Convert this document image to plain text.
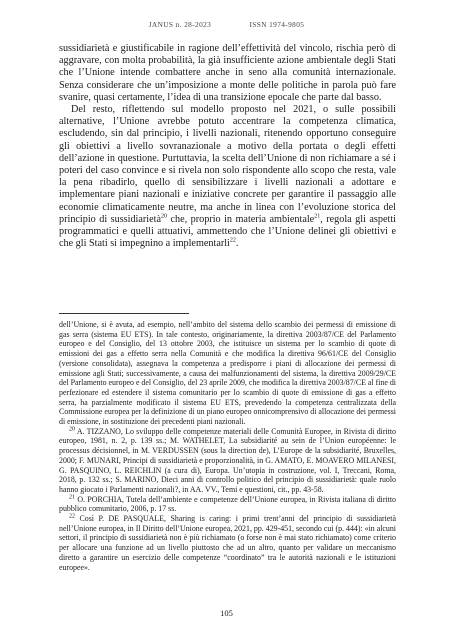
JANUS n. 28-2023	ISSN 1974-9805

sussidiarietà e giustificabile in ragione dell’effettività del vincolo, rischia però di aggravare, con molta probabilità, la già insufficiente azione ambientale degli Stati che l’Unione intende combattere anche in seno alla comunità internazionale. Senza considerare che un’imposizione a monte delle politiche in parola può fare svanire, quasi certamente, l’idea di una transizione epocale che parte dal basso.

Del resto, riflettendo sul modello proposto nel 2021, o sulle possibili alternative, l’Unione avrebbe potuto accentrare la competenza climatica, escludendo, sin dal principio, i livelli nazionali, ritenendo opportuno conseguire gli obiettivi a livello sovranazionale a motivo della portata o degli effetti dell’azione in questione. Purtuttavia, la scelta dell’Unione di non richiamare a sé i poteri del caso convince e si rivela non solo rispondente allo scopo che resta, vale la pena ribadirlo, quello di sensibilizzare i livelli nazionali a adottare e implementare piani nazionali e iniziative concrete per garantire il passaggio alle economie climaticamente neutre, ma anche in linea con l’evoluzione storica del principio di sussidiarietà$^{20}$ che, proprio in materia ambientale$^{21}$, regola gli aspetti programmatici e quelli attuativi, ammettendo che l’Unione delinei gli obiettivi e che gli Stati si impegnino a implementarli$^{22}$.

dell’Unione, si è avuta, ad esempio, nell’ambito del sistema dello scambio dei permessi di emissione di gas serra (sistema EU ETS). In tale contesto, originariamente, la direttiva 2003/87/CE del Parlamento europeo e del Consiglio, del 13 ottobre 2003, che istituisce un sistema per lo scambio di quote di emissioni dei gas a effetto serra nella Comunità e che modifica la direttiva 96/61/CE del Consiglio (versione consolidata), assegnava la competenza a predisporre i piani di allocazione dei permessi di emissione agli Stati; successivamente, a causa dei malfunzionamenti del sistema, la direttiva 2009/29/CE del Parlamento europeo e del Consiglio, del 23 aprile 2009, che modifica la direttiva 2003/87/CE al fine di perfezionare ed estendere il sistema comunitario per lo scambio di quote di emissione di gas a effetto serra, ha parzialmente modificato il sistema EU ETS, prevedendo la competenza centralizzata della Commissione europea per la definizione di un piano europeo onnicomprensivo di allocazione dei permessi di emissione, in sostituzione dei precedenti piani nazionali.

$^{20}$ A. TIZZANO, Lo sviluppo delle competenze materiali delle Comunità Europee, in Rivista di diritto europeo, 1981, n. 2, p. 139 ss.; M. WATHELET, La subsidiarité au sein de l’Union européenne: le processus décisionnel, in M. VERDUSSEN (sous la direction de), L’Europe de la subsidiarité, Bruxelles, 2000; F. MUNARI, Principi di sussidiarietà e proporzionalità, in G. AMATO, E. MOAVERO MILANESI, G. PASQUINO, L. REICHLIN (a cura di), Europa. Un’utopia in costruzione, vol. I, Treccani, Roma, 2018, p. 132 ss.; S. MARINO, Dieci anni di controllo politico del principio di sussidiarietà: quale ruolo hanno giocato i Parlamenti nazionali?, in AA. VV., Temi e questioni, cit., pp. 43-58.

$^{21}$ O. PORCHIA, Tutela dell’ambiente e competenze dell’Unione europea, in Rivista italiana di diritto pubblico comunitario, 2006, p. 17 ss.

$^{22}$ Così P. DE PASQUALE, Sharing is caring: i primi trent’anni del principio di sussidiarietà nell’Unione europea, in Il Diritto dell’Unione europea, 2021, pp. 429-451, secondo cui (p. 444): «in alcuni settori, il principio di sussidiarietà non è più richiamato (o forse non è mai stato richiamato) come criterio per allocare una funzione ad un livello piuttosto che ad un altro, quanto per validare un meccanismo diretto a garantire un esercizio delle competenze “coordinato” tra le autorità nazionali e le istituzioni europee».

105
